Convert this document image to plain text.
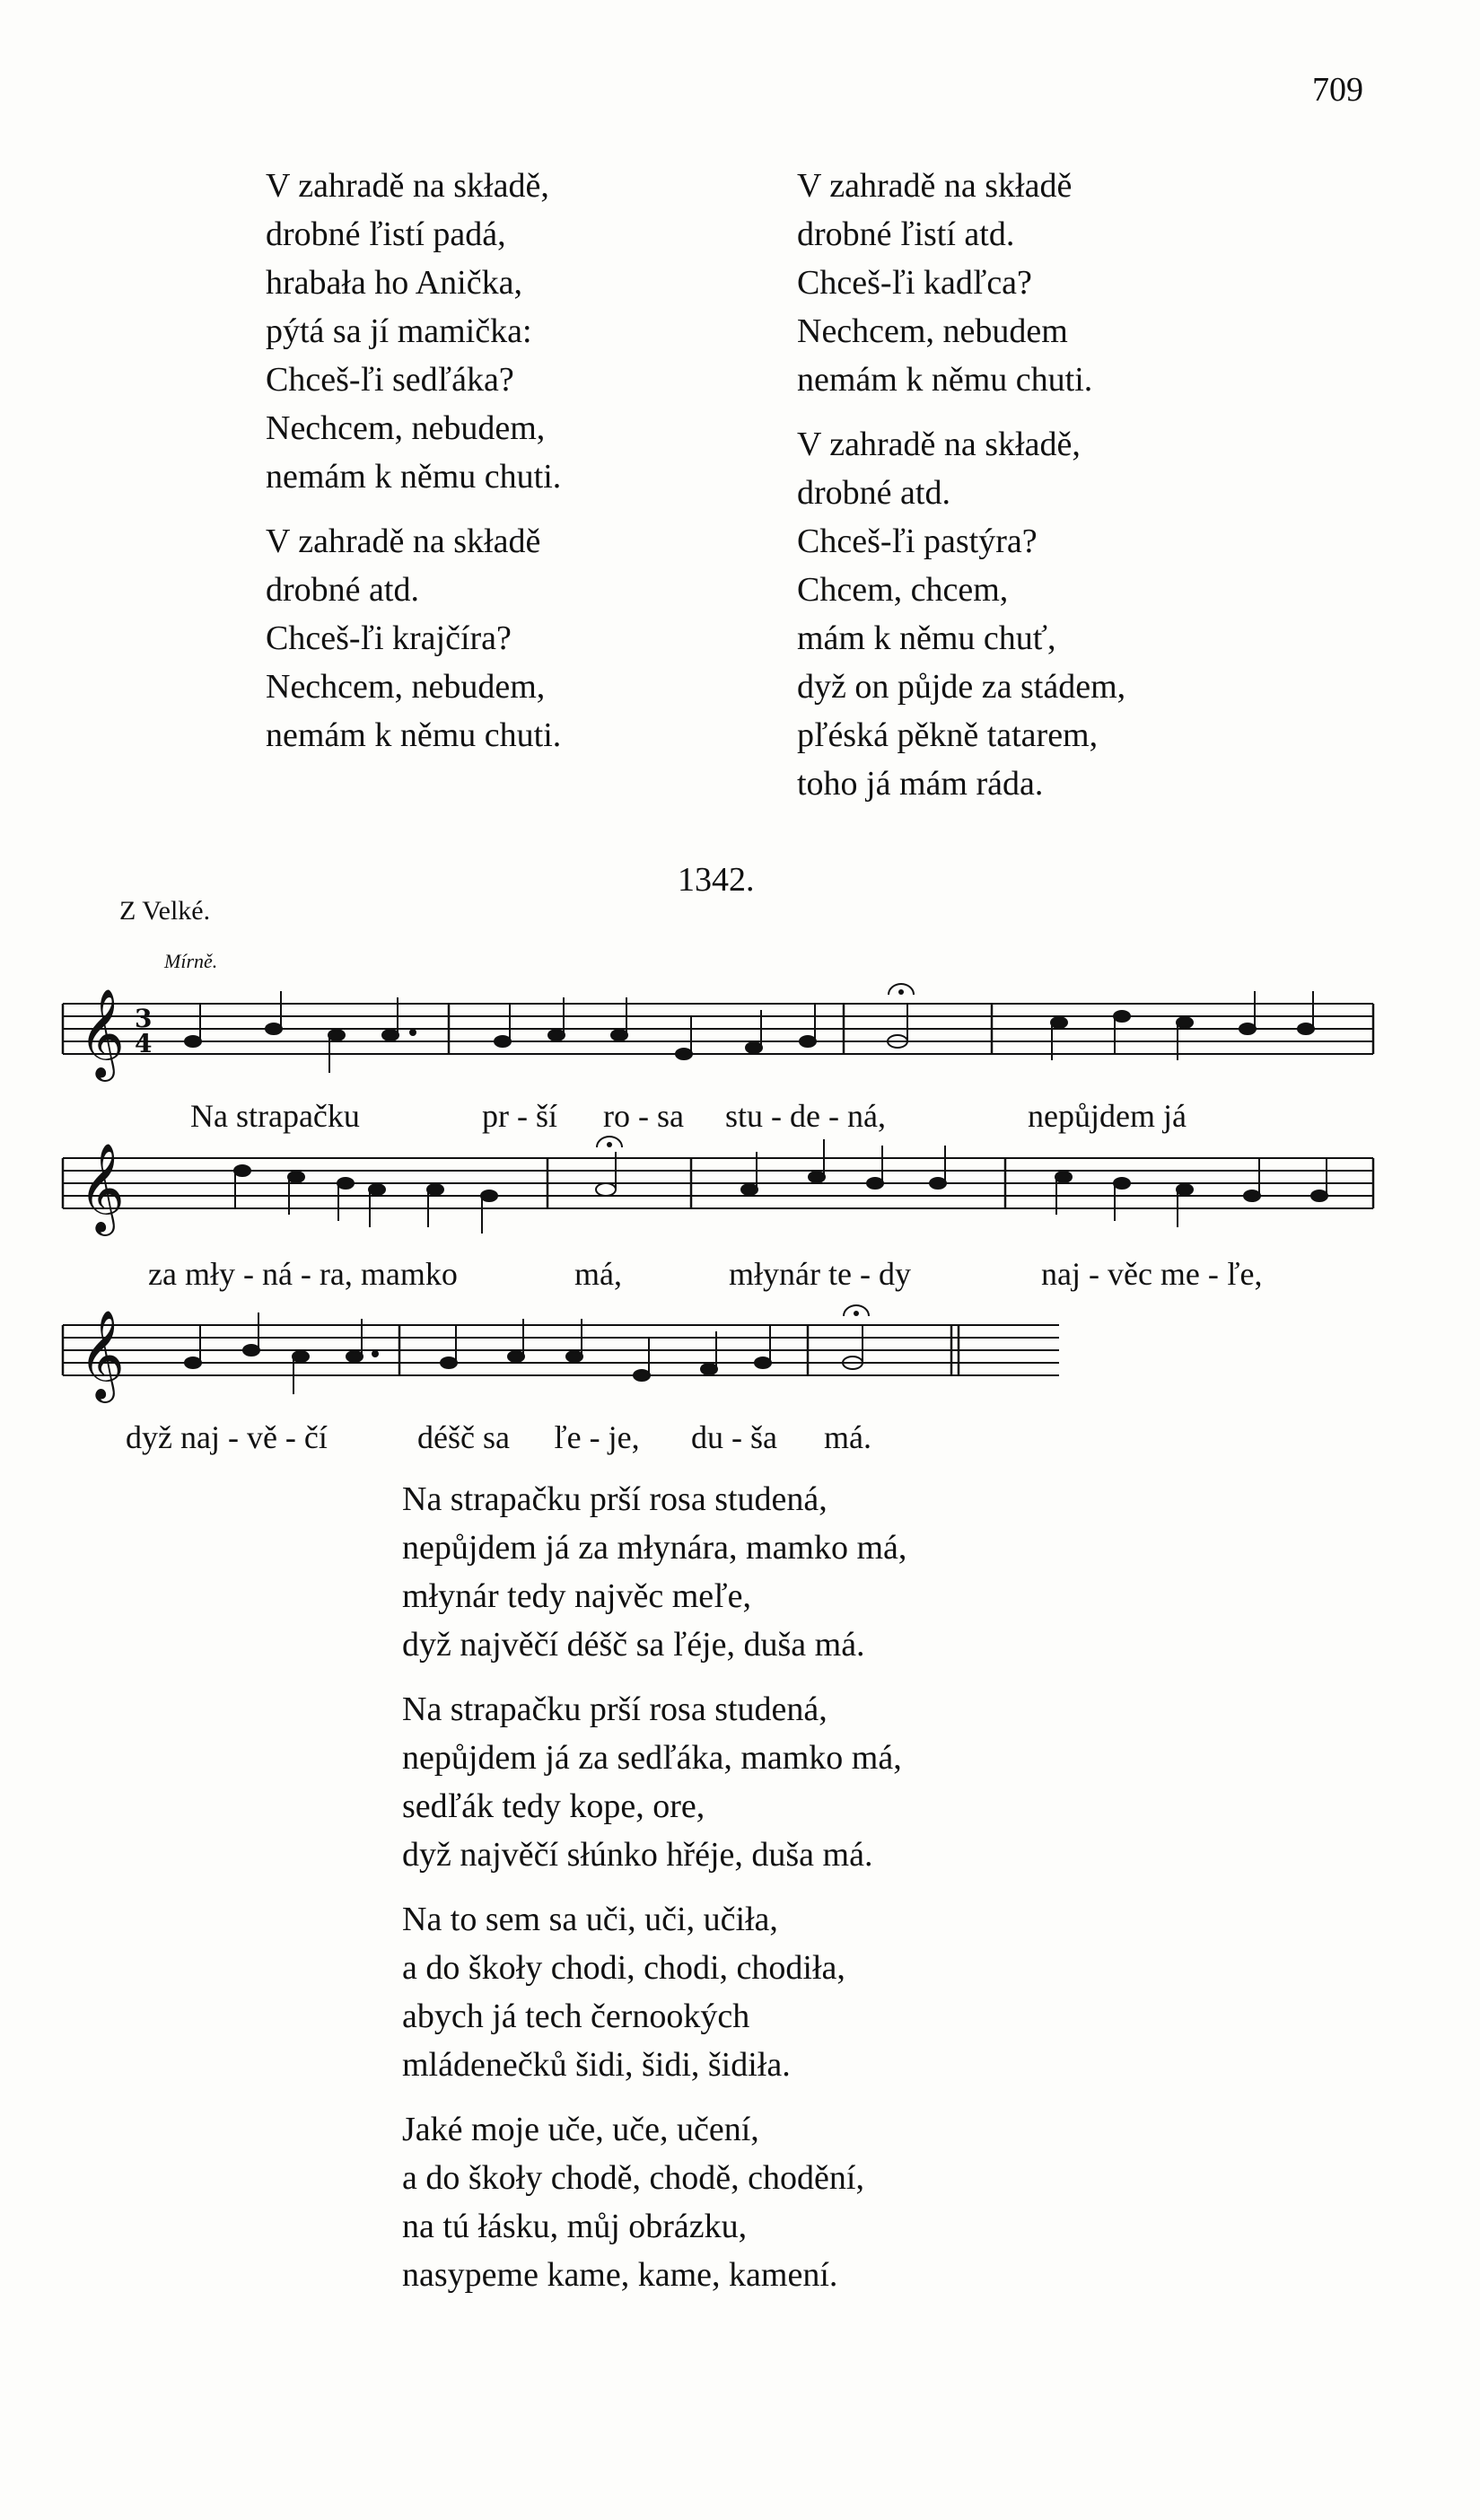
709
V zahradě na składě,
drobné ľistí padá,
hrabała ho Anička,
pýtá sa jí mamička:
Chceš-ľi sedľáka?
Nechcem, nebudem,
nemám k němu chuti.
V zahradě na składě
drobné atd.
Chceš-ľi krajčíra?
Nechcem, nebudem,
nemám k němu chuti.
V zahradě na składě
drobné ľistí atd.
Chceš-ľi kadľca?
Nechcem, nebudem
nemám k němu chuti.
V zahradě na składě,
drobné atd.
Chceš-ľi pastýra?
Chcem, chcem,
mám k němu chuť,
dyž on půjde za stádem,
pľéská pěkně tatarem,
toho já mám ráda.
1342.
Z Velké.
Mírně.
𝄞
𝄞
𝄞
3
4
Na strapačku	pr - ší ro - sa stu - de - ná,	nepůjdem já
za mły - ná - ra, mamko	má,	młynár te - dy	naj - věc me - ľe,
dyž naj - vě - čí	déšč sa ľe - je, du - ša má.
Na strapačku prší rosa studená,
nepůjdem já za młynára, mamko má,
młynár tedy najvěc meľe,
dyž najvěčí déšč sa ľéje, duša má.
Na strapačku prší rosa studená,
nepůjdem já za sedľáka, mamko má,
sedľák tedy kope, ore,
dyž najvěčí słúnko hřéje, duša má.
Na to sem sa uči, uči, učiła,
a do škoły chodi, chodi, chodiła,
abych já tech černookých
mládenečků šidi, šidi, šidiła.
Jaké moje uče, uče, učení,
a do škoły chodě, chodě, chodění,
na tú łásku, můj obrázku,
nasypeme kame, kame, kamení.
